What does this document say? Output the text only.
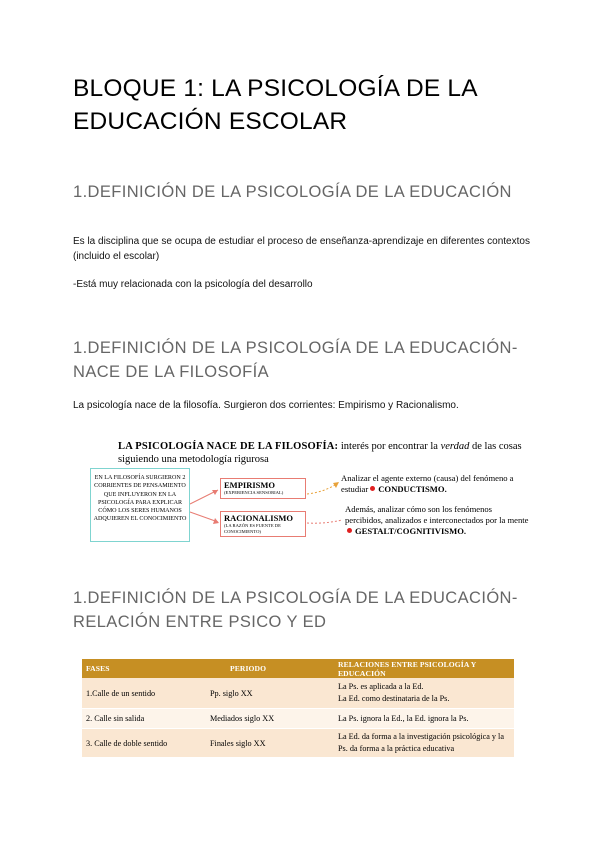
BLOQUE 1: LA PSICOLOGÍA DE LA EDUCACIÓN ESCOLAR
1.DEFINICIÓN DE LA PSICOLOGÍA DE LA EDUCACIÓN
Es la disciplina que se ocupa de estudiar el proceso de enseñanza-aprendizaje en diferentes contextos (incluido el escolar)
-Está muy relacionada con la psicología del desarrollo
1.DEFINICIÓN DE LA PSICOLOGÍA DE LA EDUCACIÓN-NACE DE LA FILOSOFÍA
La psicología nace de la filosofía. Surgieron dos corrientes: Empirismo y Racionalismo.
LA PSICOLOGÍA NACE DE LA FILOSOFÍA: interés por encontrar la verdad de las cosas
siguiendo una metodología rigurosa
EN LA FILOSOFÍA SURGIERON 2 CORRIENTES DE PENSAMIENTO QUE INFLUYERON EN LA PSICOLOGÍA PARA EXPLICAR CÓMO LOS SERES HUMANOS ADQUIEREN EL CONOCIMIENTO
EMPIRISMO
(EXPERIENCIA SENSORIAL)
RACIONALISMO
(LA RAZÓN ES FUENTE DE CONOCIMIENTO)
Analizar el agente externo (causa) del fenómeno a estudiar CONDUCTISMO.
Además, analizar cómo son los fenómenos percibidos, analizados e interconectados por la menteGESTALT/COGNITIVISMO.
1.DEFINICIÓN DE LA PSICOLOGÍA DE LA EDUCACIÓN-RELACIÓN ENTRE PSICO Y ED
FASES	PERIODO	RELACIONES ENTRE PSICOLOGÍA Y EDUCACIÓN
1.Calle de un sentido	Pp. siglo XX	La Ps. es aplicada a la Ed.
La Ed. como destinataria de la Ps.

2. Calle sin salida	Mediados siglo XX	La Ps. ignora la Ed., la Ed. ignora la Ps.

3. Calle de doble sentido	Finales siglo XX	La Ed. da forma a la investigación psicológica y la
Ps. da forma a la práctica educativa
